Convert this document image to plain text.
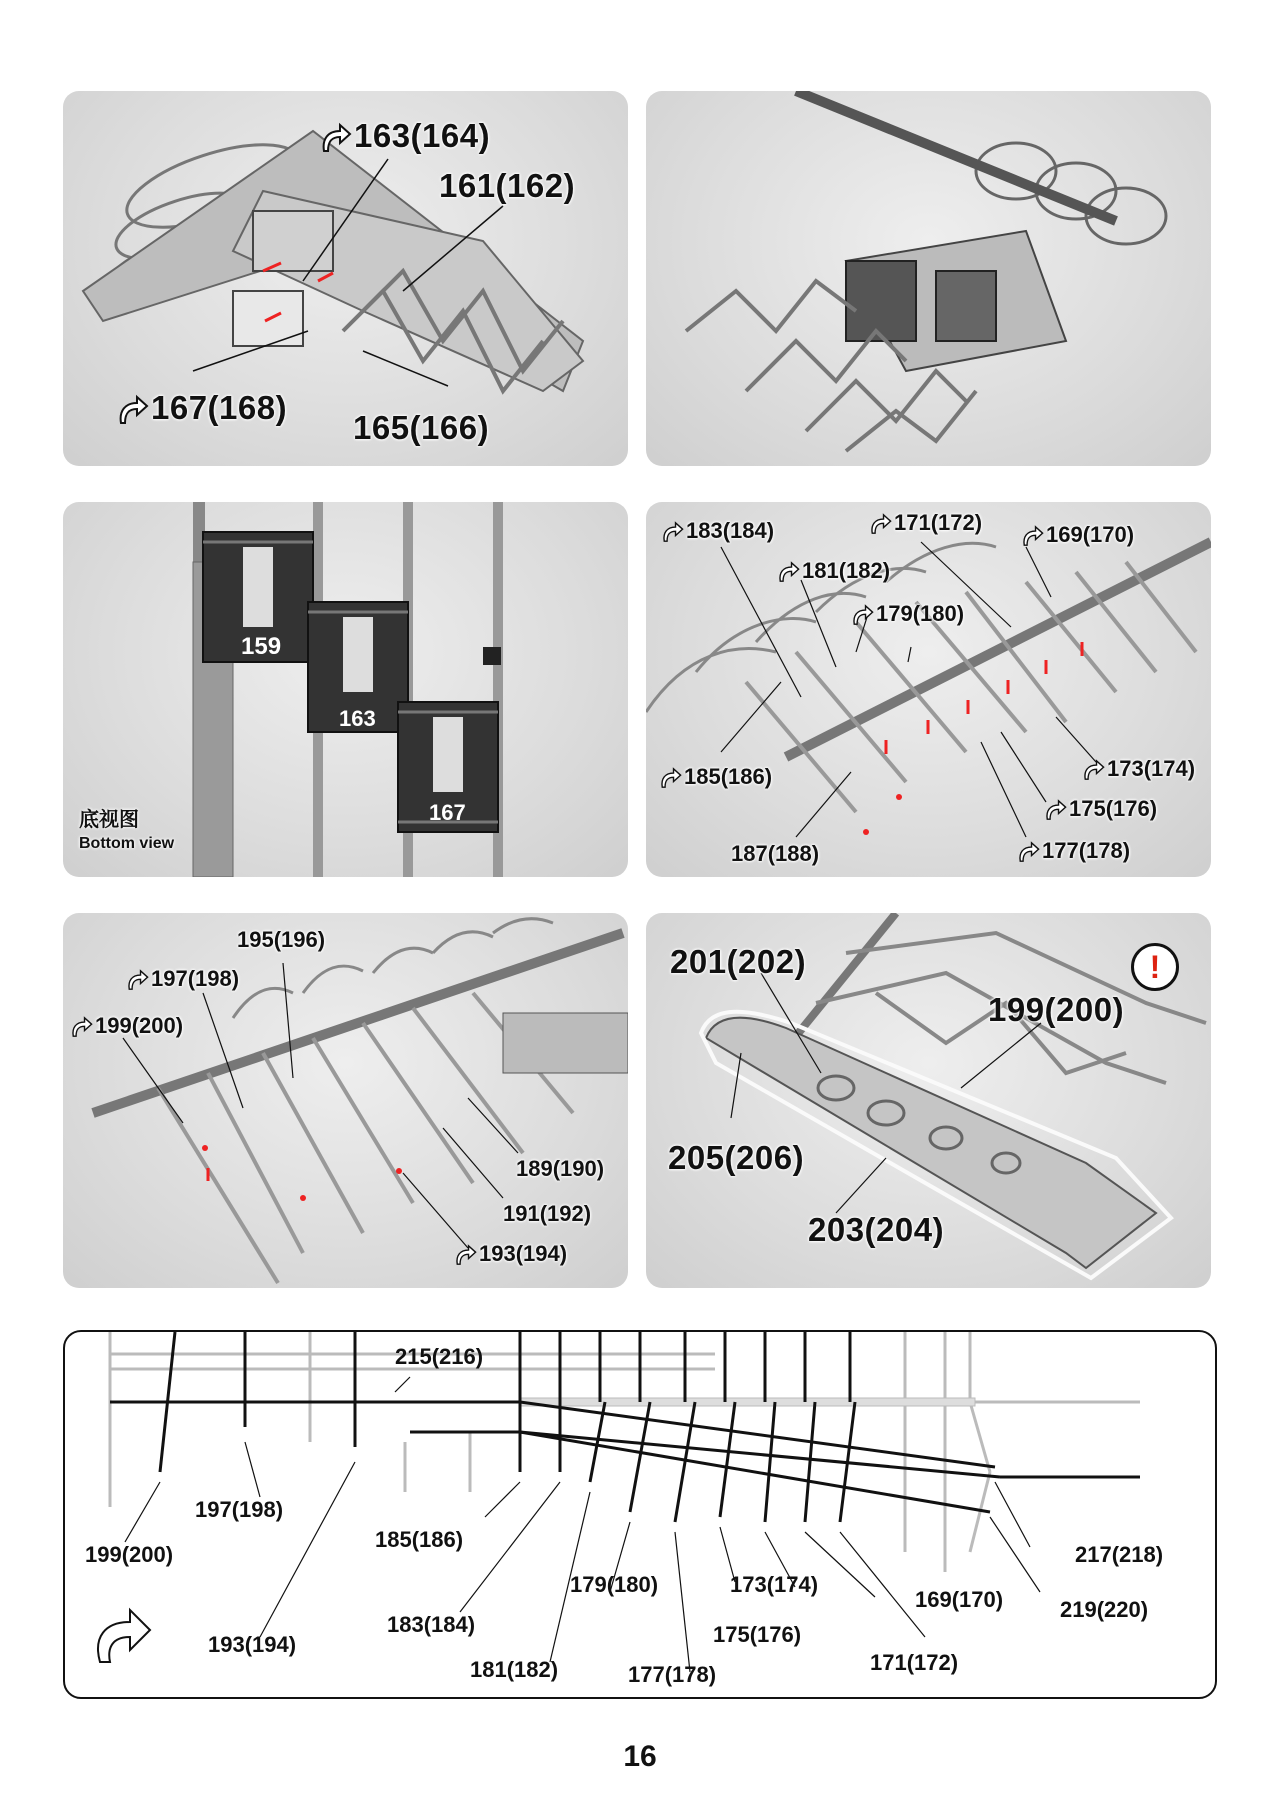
163(164)
161(162)
167(168)
165(166)
159
163
167
底视图
Bottom view
183(184)	171(172)	169(170)
181(182)
179(180)
173(174)
185(186)
175(176)
187(188)	177(178)
195(196)
197(198)
199(200)
189(190)
191(192)
193(194)
201(202)
199(200)
205(206)
203(204)
!
215(216)
197(198)
199(200)
185(186)
217(218)
179(180)	173(174)
169(170)	219(220)
183(184)
193(194)	175(176)
181(182)	177(178)	171(172)
16
